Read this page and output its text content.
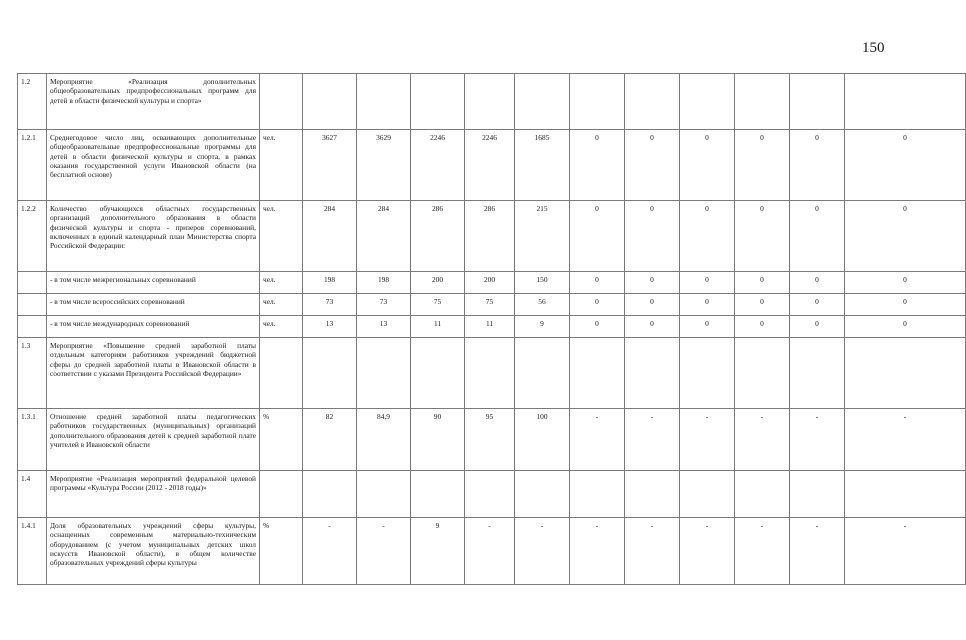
150
1.2	Мероприятие «Реализация дополнительных общеобразовательных предпрофессиональных программ для детей в области физической культуры и спорта»												
1.2.1	Среднегодовое число лиц, осваивающих дополнительные общеобразовательные предпрофессиональные программы для детей в области физической культуры и спорта, в рамках оказания государственной услуги Ивановской области (на бесплатной основе)	чел.	3627	3629	2246	2246	1685	0	0	0	0	0	0
1.2.2	Количество обучающихся областных государственных организаций дополнительного образования в области физической культуры и спорта - призеров соревнований, включенных в единый календарный план Министерства спорта Российской Федерации:	чел.	284	284	286	286	215	0	0	0	0	0	0
	- в том числе межрегиональных соревнований	чел.	198	198	200	200	150	0	0	0	0	0	0
	- в том числе всероссийских соревнований	чел.	73	73	75	75	56	0	0	0	0	0	0
	- в том числе международных соревнований	чел.	13	13	11	11	9	0	0	0	0	0	0
1.3	Мероприятие «Повышение средней заработной платы отдельным категориям работников учреждений бюджетной сферы до средней заработной платы в Ивановской области в соответствии с указами Президента Российской Федерации»												
1.3.1	Отношение средней заработной платы педагогических работников государственных (муниципальных) организаций дополнительного образования детей к средней заработной плате учителей в Ивановской области	%	82	84,9	90	95	100	-	-	-	-	-	-
1.4	Мероприятие «Реализация мероприятий федеральной целевой программы «Культура России (2012 - 2018 годы)»												
1.4.1	Доля образовательных учреждений сферы культуры, оснащенных современным материально-техническим оборудованием (с учетом муниципальных детских школ искусств Ивановской области), в общем количестве образовательных учреждений сферы культуры	%	-	-	9	-	-	-	-	-	-	-	-
